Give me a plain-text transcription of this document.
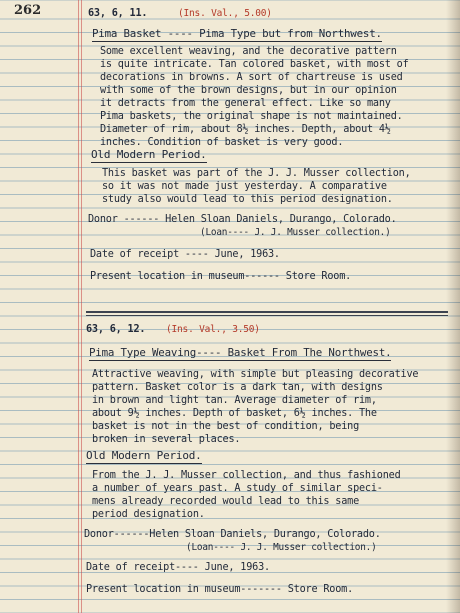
262	63, 6, 11.	(Ins. Val., 5.00)
Pima Basket ---- Pima Type but from Northwest.
Some excellent weaving, and the decorative pattern
is quite intricate. Tan colored basket, with most of
decorations in browns. A sort of chartreuse is used
with some of the brown designs, but in our opinion
it detracts from the general effect. Like so many
Pima baskets, the original shape is not maintained.
Diameter of rim, about 8½ inches. Depth, about 4½
inches. Condition of basket is very good.
Old Modern Period.
This basket was part of the J. J. Musser collection,
so it was not made just yesterday. A comparative
study also would lead to this period designation.
Donor ------ Helen Sloan Daniels, Durango, Colorado.
(Loan---- J. J. Musser collection.)
Date of receipt ---- June, 1963.
Present location in museum------ Store Room.
63, 6, 12. (Ins. Val., 3.50)
Pima Type Weaving---- Basket From The Northwest.
Attractive weaving, with simple but pleasing decorative
pattern. Basket color is a dark tan, with designs
in brown and light tan. Average diameter of rim,
about 9½ inches. Depth of basket, 6½ inches. The
basket is not in the best of condition, being
broken in several places.
Old Modern Period.
From the J. J. Musser collection, and thus fashioned
a number of years past. A study of similar speci-
mens already recorded would lead to this same
period designation.
Donor------Helen Sloan Daniels, Durango, Colorado.
(Loan---- J. J. Musser collection.)
Date of receipt---- June, 1963.
Present location in museum------- Store Room.
